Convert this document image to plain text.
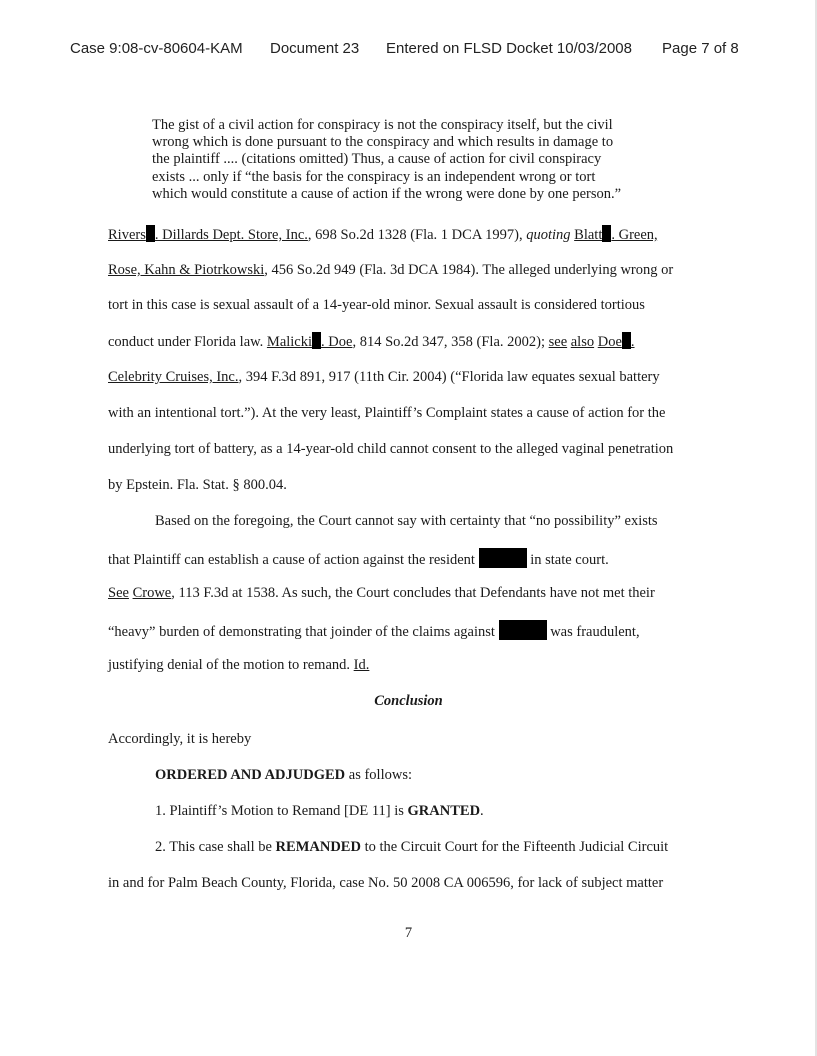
Case 9:08-cv-80604-KAM Document 23 Entered on FLSD Docket 10/03/2008 Page 7 of 8
The gist of a civil action for conspiracy is not the conspiracy itself, but the civil
wrong which is done pursuant to the conspiracy and which results in damage to
the plaintiff .... (citations omitted) Thus, a cause of action for civil conspiracy
exists ... only if “the basis for the conspiracy is an independent wrong or tort
which would constitute a cause of action if the wrong were done by one person.”
Rivers . Dillards Dept. Store, Inc., 698 So.2d 1328 (Fla. 1 DCA 1997), quoting Blatt . Green,
Rose, Kahn & Piotrkowski, 456 So.2d 949 (Fla. 3d DCA 1984). The alleged underlying wrong or
tort in this case is sexual assault of a 14-year-old minor. Sexual assault is considered tortious
conduct under Florida law. Malicki . Doe, 814 So.2d 347, 358 (Fla. 2002); see also Doe .
Celebrity Cruises, Inc., 394 F.3d 891, 917 (11th Cir. 2004) (“Florida law equates sexual battery
with an intentional tort.”). At the very least, Plaintiff’s Complaint states a cause of action for the
underlying tort of battery, as a 14-year-old child cannot consent to the alleged vaginal penetration
by Epstein. Fla. Stat. § 800.04.
Based on the foregoing, the Court cannot say with certainty that “no possibility” exists
that Plaintiff can establish a cause of action against the resident	in state court.
See Crowe, 113 F.3d at 1538. As such, the Court concludes that Defendants have not met their
“heavy” burden of demonstrating that joinder of the claims against	was fraudulent,
justifying denial of the motion to remand. Id.
Conclusion
Accordingly, it is hereby
ORDERED AND ADJUDGED as follows:
1. Plaintiff’s Motion to Remand [DE 11] is GRANTED.
2. This case shall be REMANDED to the Circuit Court for the Fifteenth Judicial Circuit
in and for Palm Beach County, Florida, case No. 50 2008 CA 006596, for lack of subject matter
7
